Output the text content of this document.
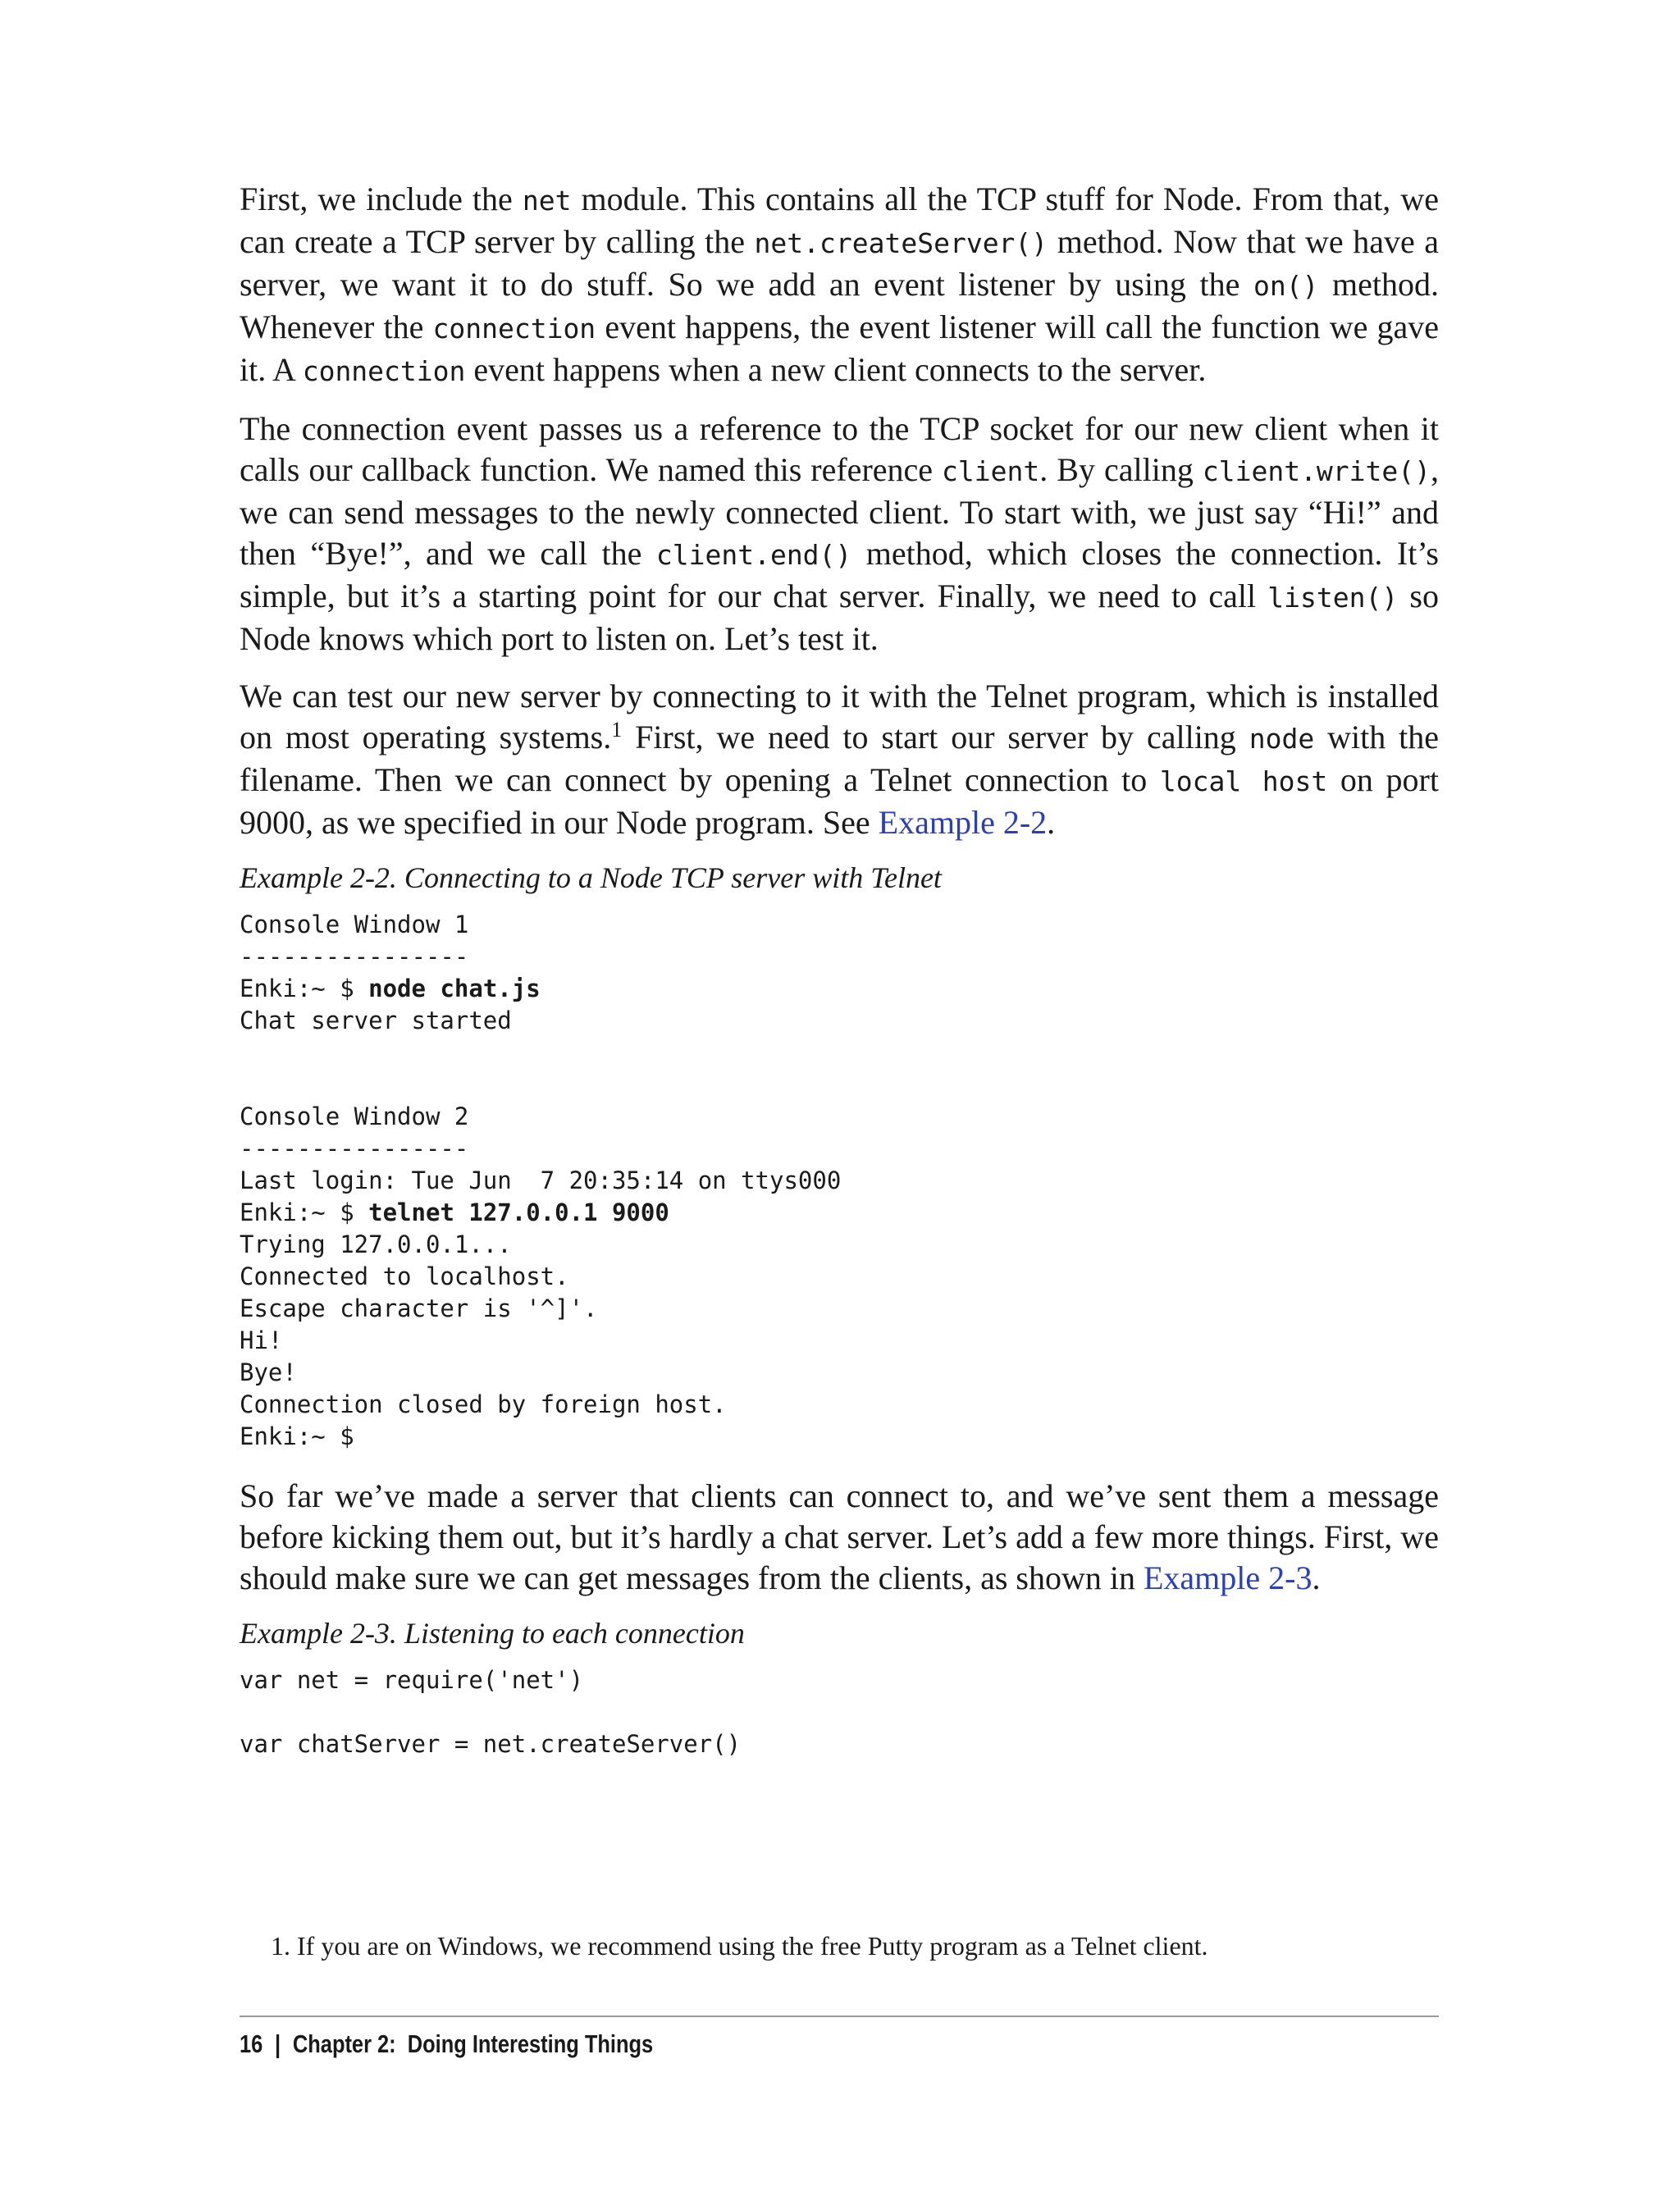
First, we include the net module. This contains all the TCP stuff for Node. From that, we can create a TCP server by calling the net.createServer() method. Now that we have a server, we want it to do stuff. So we add an event listener by using the on() method. Whenever the connection event happens, the event listener will call the function we gave it. A connection event happens when a new client connects to the server.

The connection event passes us a reference to the TCP socket for our new client when it calls our callback function. We named this reference client. By calling client.write(), we can send messages to the newly connected client. To start with, we just say “Hi!” and then “Bye!”, and we call the client.end() method, which closes the connection. It’s simple, but it’s a starting point for our chat server. Finally, we need to call listen() so Node knows which port to listen on. Let’s test it.

We can test our new server by connecting to it with the Telnet program, which is installed on most operating systems.$^1$ First, we need to start our server by calling node with the filename. Then we can connect by opening a Telnet connection to local host on port 9000, as we specified in our Node program. See Example 2-2.

Example 2-2. Connecting to a Node TCP server with Telnet
Console Window 1
----------------
Enki:~ $ node chat.js
Chat server started

Console Window 2
----------------
Last login: Tue Jun  7 20:35:14 on ttys000
Enki:~ $ telnet 127.0.0.1 9000
Trying 127.0.0.1...
Connected to localhost.
Escape character is '^]'.
Hi!
Bye!
Connection closed by foreign host.
Enki:~ $

So far we’ve made a server that clients can connect to, and we’ve sent them a message before kicking them out, but it’s hardly a chat server. Let’s add a few more things. First, we should make sure we can get messages from the clients, as shown in Example 2-3.

Example 2-3. Listening to each connection
var net = require('net')

var chatServer = net.createServer()
1. If you are on Windows, we recommend using the free Putty program as a Telnet client.
16 | Chapter 2:  Doing Interesting Things
